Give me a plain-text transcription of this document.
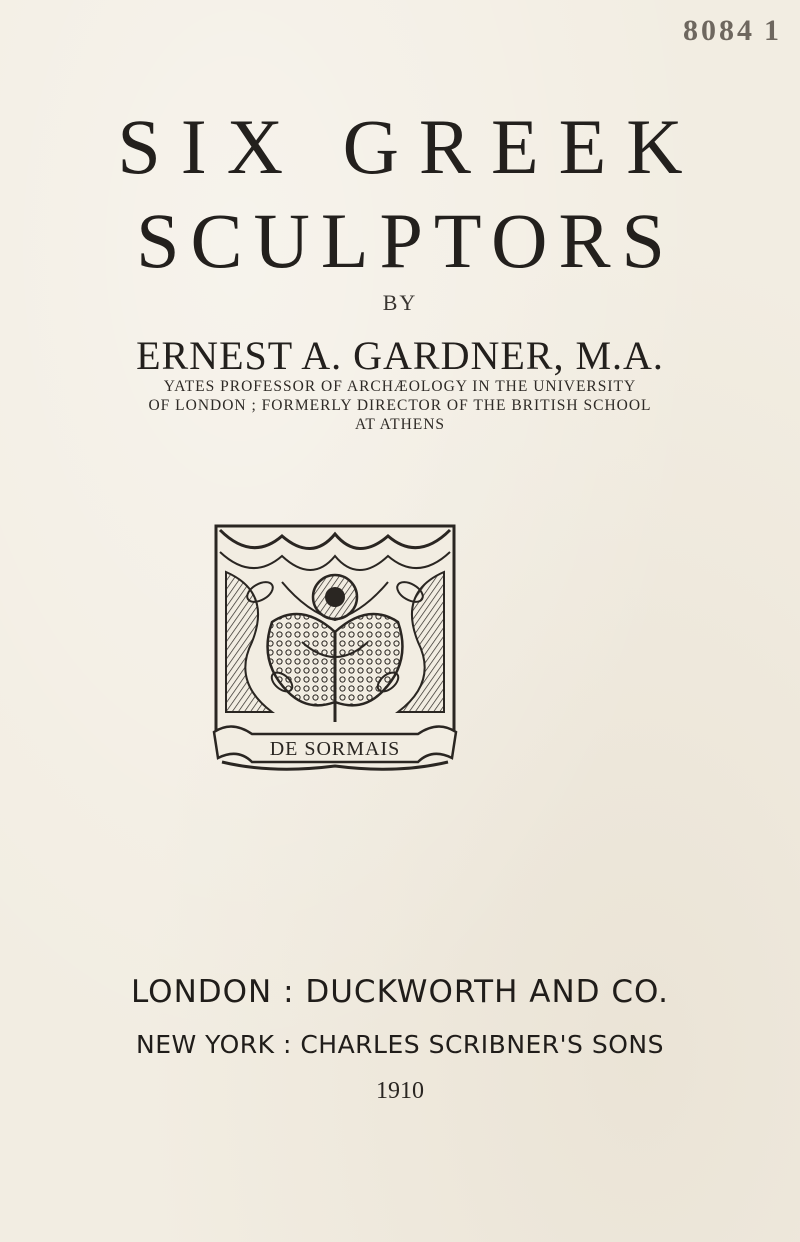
8084 1
SIX GREEK
SCULPTORS
BY
ERNEST A. GARDNER, M.A.
YATES PROFESSOR OF ARCHÆOLOGY IN THE UNIVERSITY
OF LONDON ; FORMERLY DIRECTOR OF THE BRITISH SCHOOL
AT ATHENS
DE SORMAIS
LONDON : DUCKWORTH AND CO.
NEW YORK : CHARLES SCRIBNER'S SONS
1910
